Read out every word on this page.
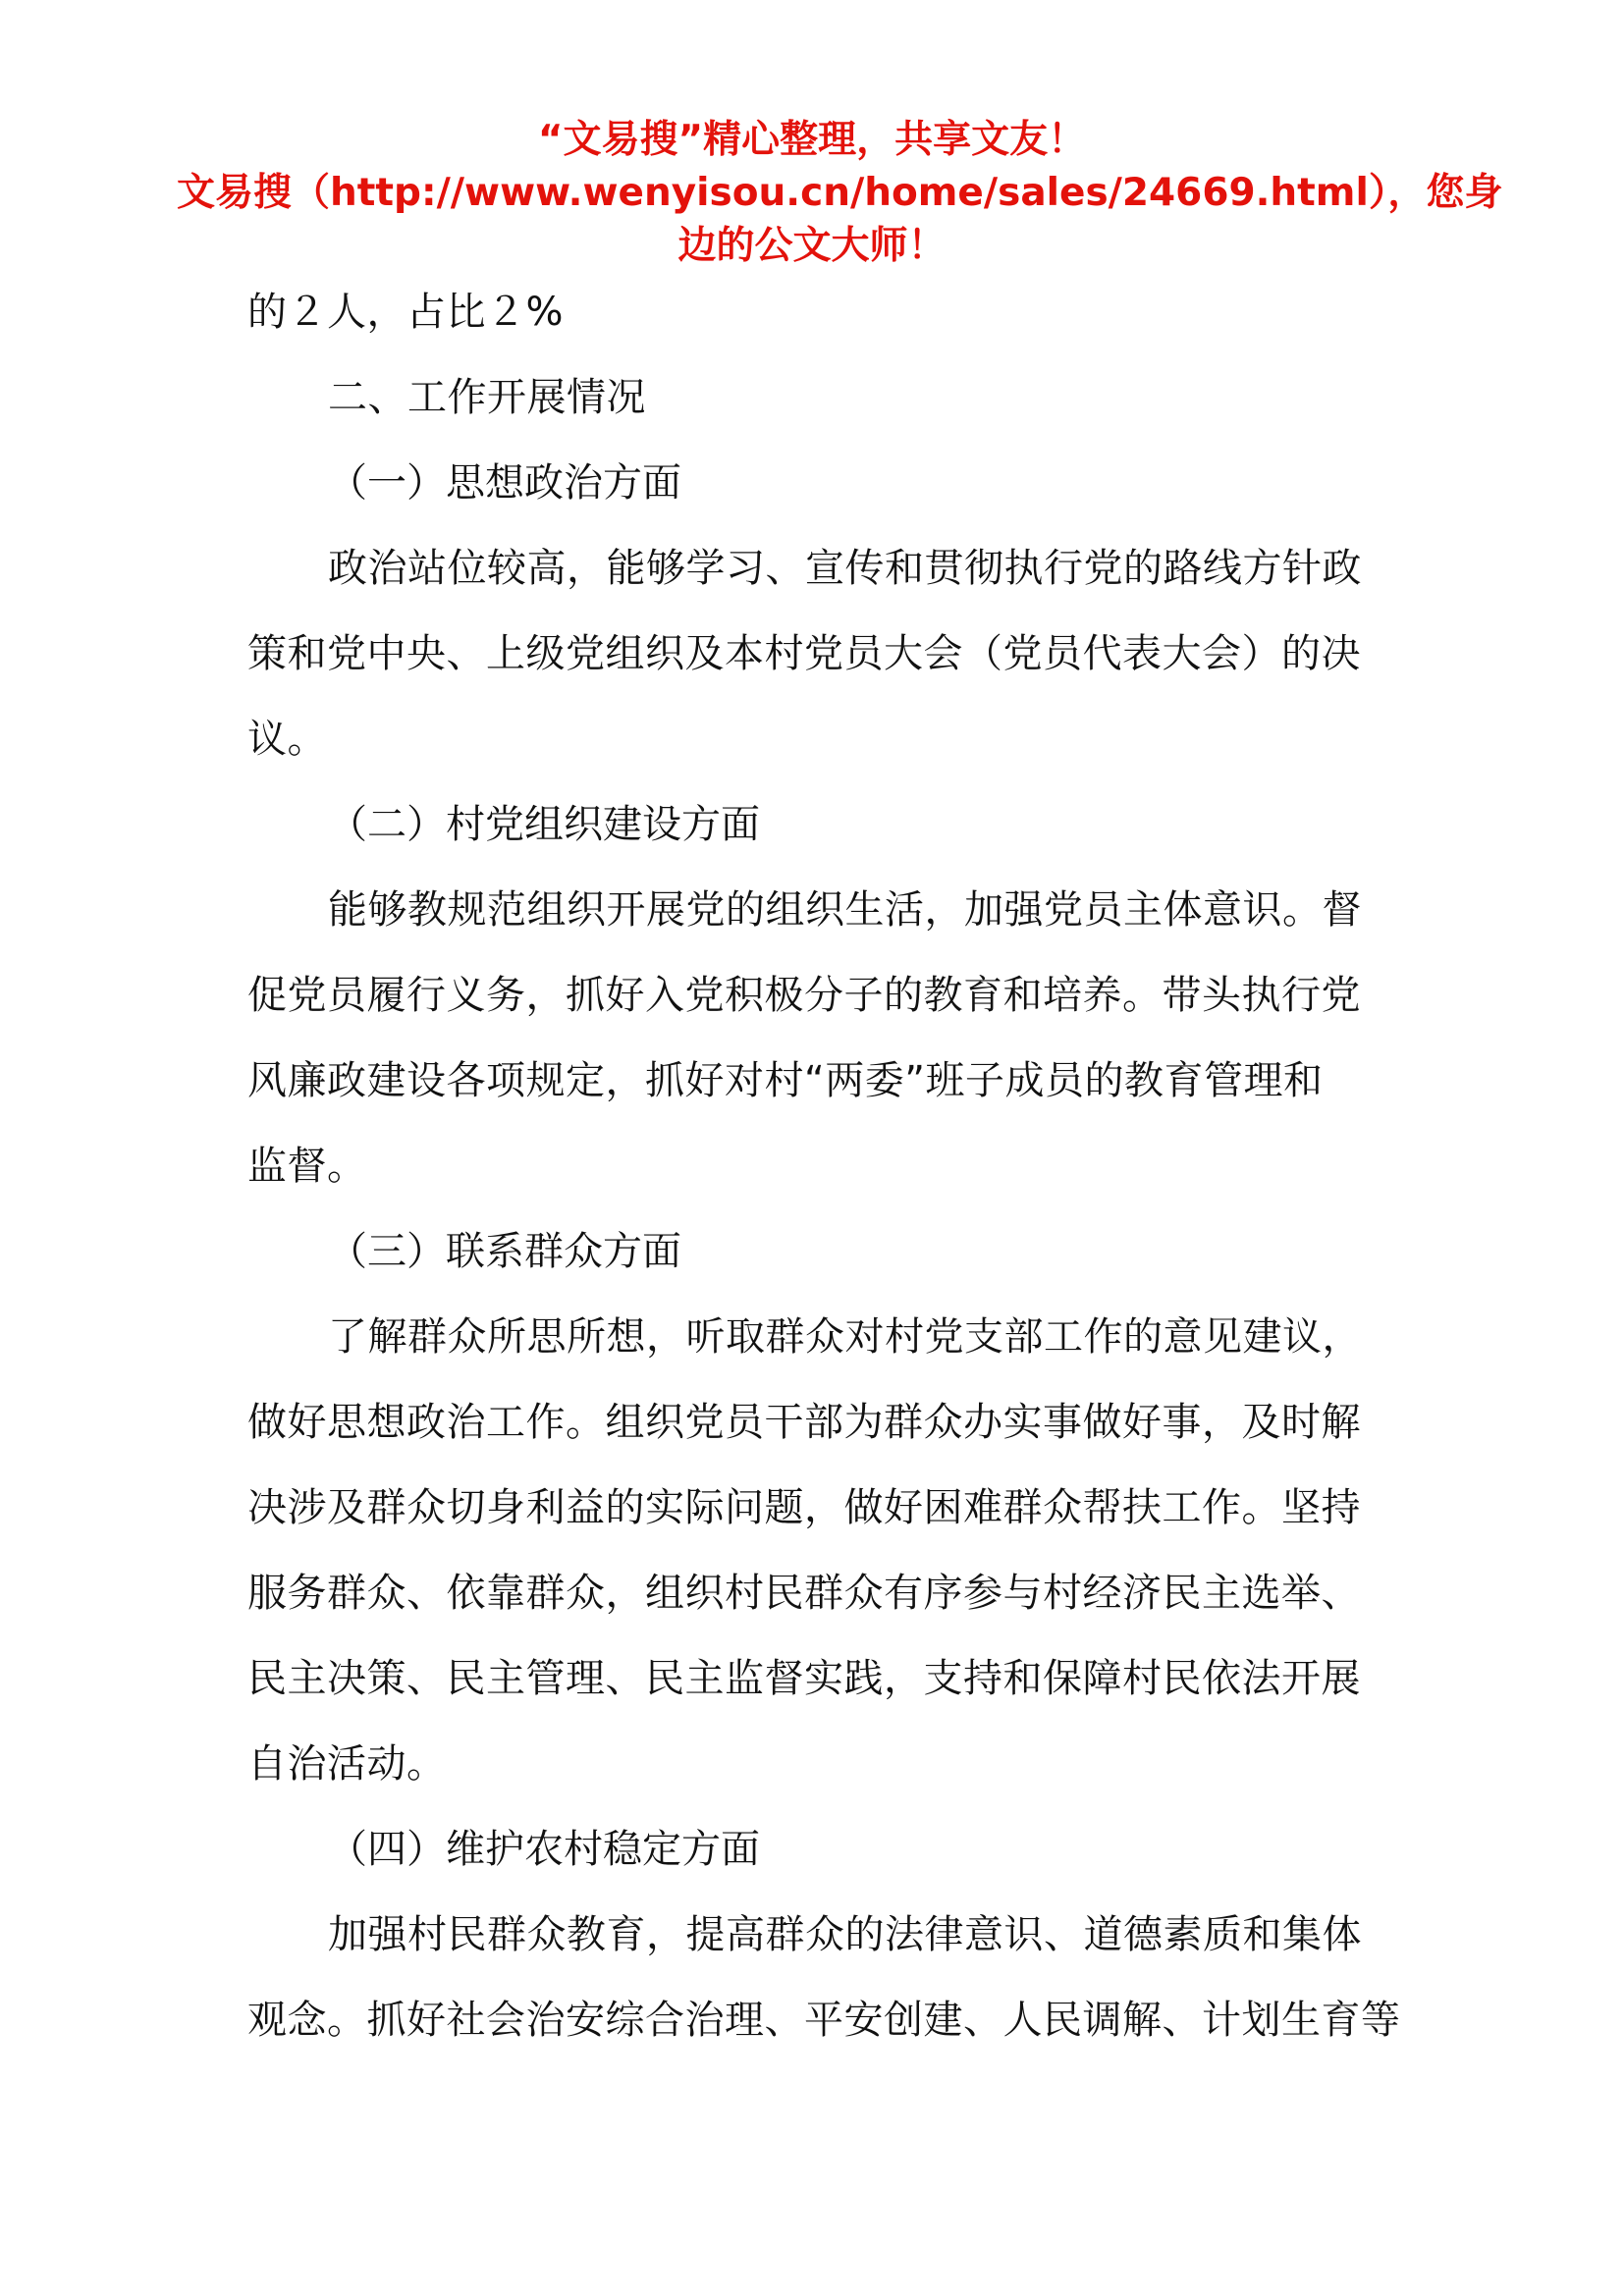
“文易搜”精心整理，共享文友！
文易搜（http://www.wenyisou.cn/home/sales/24669.html），您身
边的公文大师！
的２人，占比２%
二、工作开展情况
（一）思想政治方面
政治站位较高，能够学习、宣传和贯彻执行党的路线方针政
策和党中央、上级党组织及本村党员大会（党员代表大会）的决
议。
（二）村党组织建设方面
能够教规范组织开展党的组织生活，加强党员主体意识。督
促党员履行义务，抓好入党积极分子的教育和培养。带头执行党
风廉政建设各项规定，抓好对村“两委”班子成员的教育管理和
监督。
（三）联系群众方面
了解群众所思所想，听取群众对村党支部工作的意见建议，
做好思想政治工作。组织党员干部为群众办实事做好事，及时解
决涉及群众切身利益的实际问题，做好困难群众帮扶工作。坚持
服务群众、依靠群众，组织村民群众有序参与村经济民主选举、
民主决策、民主管理、民主监督实践，支持和保障村民依法开展
自治活动。
（四）维护农村稳定方面
加强村民群众教育，提高群众的法律意识、道德素质和集体
观念。抓好社会治安综合治理、平安创建、人民调解、计划生育等
